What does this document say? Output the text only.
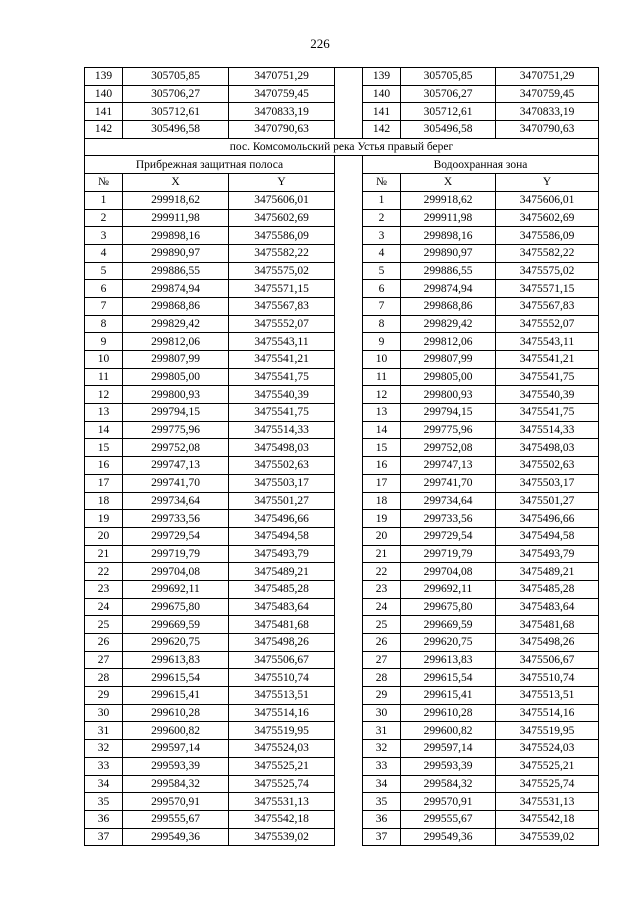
226
139	305705,85	3470751,29		139	305705,85	3470751,29
140	305706,27	3470759,45		140	305706,27	3470759,45
141	305712,61	3470833,19		141	305712,61	3470833,19
142	305496,58	3470790,63		142	305496,58	3470790,63
пос. Комсомольский река Устья правый берег						
Прибрежная защитная полоса				Водоохранная зона		
№	X	Y		№	X	Y
1	299918,62	3475606,01		1	299918,62	3475606,01
2	299911,98	3475602,69		2	299911,98	3475602,69
3	299898,16	3475586,09		3	299898,16	3475586,09
4	299890,97	3475582,22		4	299890,97	3475582,22
5	299886,55	3475575,02		5	299886,55	3475575,02
6	299874,94	3475571,15		6	299874,94	3475571,15
7	299868,86	3475567,83		7	299868,86	3475567,83
8	299829,42	3475552,07		8	299829,42	3475552,07
9	299812,06	3475543,11		9	299812,06	3475543,11
10	299807,99	3475541,21		10	299807,99	3475541,21
11	299805,00	3475541,75		11	299805,00	3475541,75
12	299800,93	3475540,39		12	299800,93	3475540,39
13	299794,15	3475541,75		13	299794,15	3475541,75
14	299775,96	3475514,33		14	299775,96	3475514,33
15	299752,08	3475498,03		15	299752,08	3475498,03
16	299747,13	3475502,63		16	299747,13	3475502,63
17	299741,70	3475503,17		17	299741,70	3475503,17
18	299734,64	3475501,27		18	299734,64	3475501,27
19	299733,56	3475496,66		19	299733,56	3475496,66
20	299729,54	3475494,58		20	299729,54	3475494,58
21	299719,79	3475493,79		21	299719,79	3475493,79
22	299704,08	3475489,21		22	299704,08	3475489,21
23	299692,11	3475485,28		23	299692,11	3475485,28
24	299675,80	3475483,64		24	299675,80	3475483,64
25	299669,59	3475481,68		25	299669,59	3475481,68
26	299620,75	3475498,26		26	299620,75	3475498,26
27	299613,83	3475506,67		27	299613,83	3475506,67
28	299615,54	3475510,74		28	299615,54	3475510,74
29	299615,41	3475513,51		29	299615,41	3475513,51
30	299610,28	3475514,16		30	299610,28	3475514,16
31	299600,82	3475519,95		31	299600,82	3475519,95
32	299597,14	3475524,03		32	299597,14	3475524,03
33	299593,39	3475525,21		33	299593,39	3475525,21
34	299584,32	3475525,74		34	299584,32	3475525,74
35	299570,91	3475531,13		35	299570,91	3475531,13
36	299555,67	3475542,18		36	299555,67	3475542,18
37	299549,36	3475539,02		37	299549,36	3475539,02
